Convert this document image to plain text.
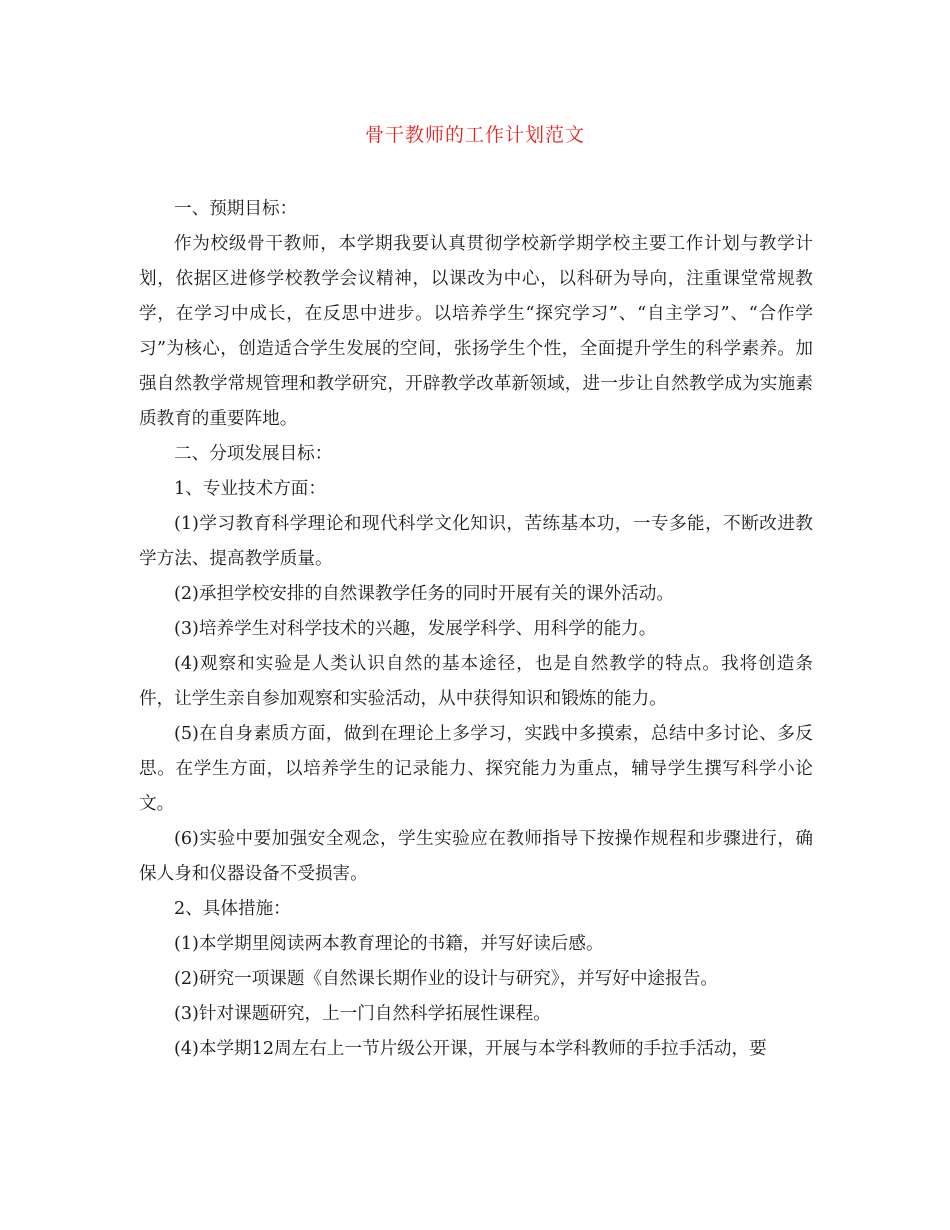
骨干教师的工作计划范文

一、预期目标：

作为校级骨干教师，本学期我要认真贯彻学校新学期学校主要工作计划与教学计划，依据区进修学校教学会议精神，以课改为中心，以科研为导向，注重课堂常规教学，在学习中成长，在反思中进步。以培养学生“探究学习”、“自主学习”、“合作学习”为核心，创造适合学生发展的空间，张扬学生个性，全面提升学生的科学素养。加强自然教学常规管理和教学研究，开辟教学改革新领域，进一步让自然教学成为实施素质教育的重要阵地。

二、分项发展目标：

1、专业技术方面：

(1)学习教育科学理论和现代科学文化知识，苦练基本功，一专多能，不断改进教学方法、提高教学质量。

(2)承担学校安排的自然课教学任务的同时开展有关的课外活动。

(3)培养学生对科学技术的兴趣，发展学科学、用科学的能力。

(4)观察和实验是人类认识自然的基本途径，也是自然教学的特点。我将创造条件，让学生亲自参加观察和实验活动，从中获得知识和锻炼的能力。

(5)在自身素质方面，做到在理论上多学习，实践中多摸索，总结中多讨论、多反思。在学生方面，以培养学生的记录能力、探究能力为重点，辅导学生撰写科学小论文。

(6)实验中要加强安全观念，学生实验应在教师指导下按操作规程和步骤进行，确保人身和仪器设备不受损害。

2、具体措施：

(1)本学期里阅读两本教育理论的书籍，并写好读后感。

(2)研究一项课题《自然课长期作业的设计与研究》，并写好中途报告。

(3)针对课题研究，上一门自然科学拓展性课程。

(4)本学期12周左右上一节片级公开课，开展与本学科教师的手拉手活动，要
